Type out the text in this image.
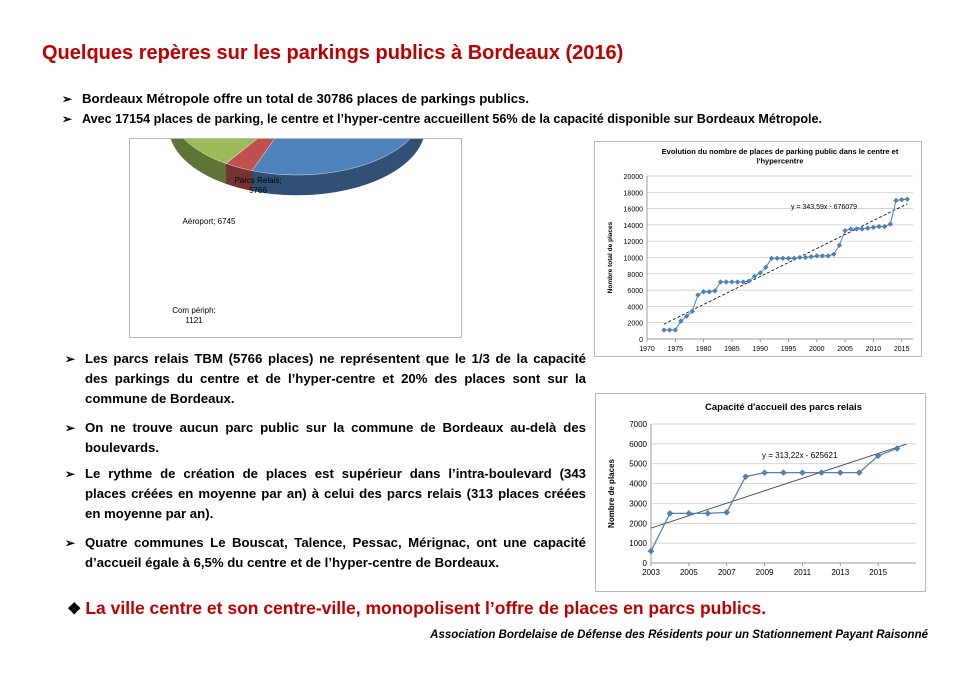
Quelques repères sur les parkings publics à Bordeaux (2016)
➢ Bordeaux Métropole offre un total de 30786 places de parkings publics.
➢ Avec 17154 places de parking, le centre et l’hyper-centre accueillent 56% de la capacité disponible sur Bordeaux Métropole.
Com périph; 1121
Aéroport; 6745
Parcs Relais; 5766
Evolution du nombre de places de parking public dans le centre et l'hypercentre
0
2000
4000
6000
8000
10000
12000
14000
16000
18000
20000
1970 1975 1980 1985 1990 1995 2000 2005 2010 2015
Nombre total de places
y = 343,59x - 676079
Capacité d'accueil des parcs relais
0
1000
2000
3000
4000
5000
6000
7000
2003	2005	2007	2009	2011	2013	2015
Nombre de places
y = 313,22x - 625621
➢ Les parcs relais TBM (5766 places) ne représentent que le 1/3 de la capacité des parkings du centre et de l’hyper-centre et 20% des places sont sur la commune de Bordeaux.
➢ On ne trouve aucun parc public sur la commune de Bordeaux au-delà des boulevards.
➢ Le rythme de création de places est supérieur dans l’intra-boulevard (343 places créées en moyenne par an) à celui des parcs relais (313 places créées en moyenne par an).
➢ Quatre communes Le Bouscat, Talence, Pessac, Mérignac, ont une capacité d’accueil égale à 6,5% du centre et de l’hyper-centre de Bordeaux.
❖ La ville centre et son centre-ville, monopolisent l’offre de places en parcs publics.
Association Bordelaise de Défense des Résidents pour un Stationnement Payant Raisonné
